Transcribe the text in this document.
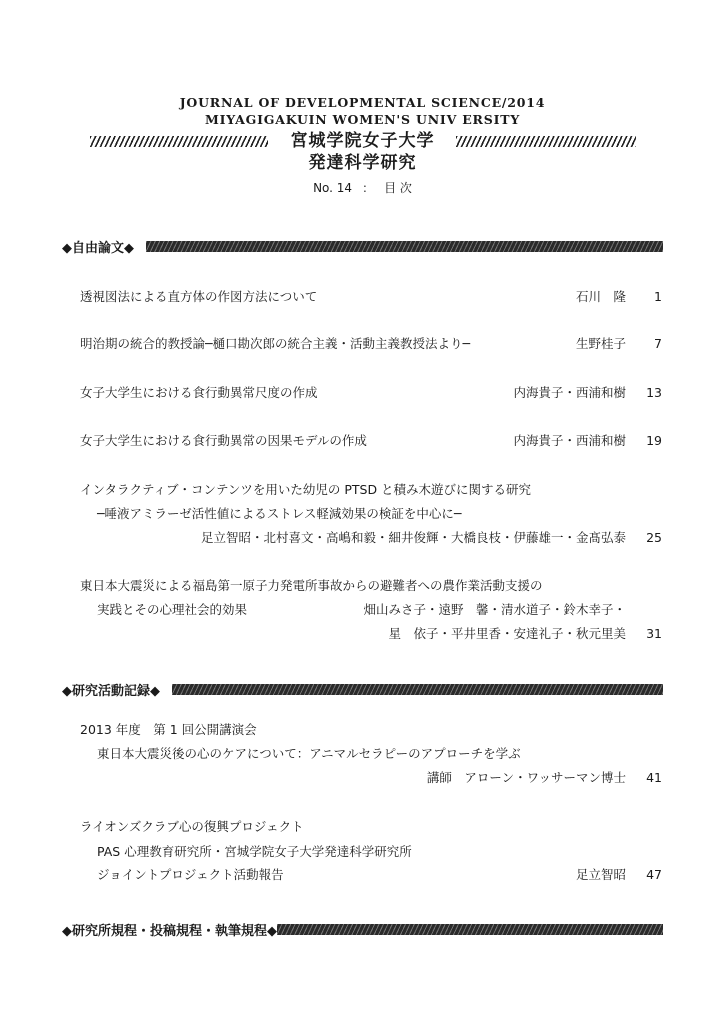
JOURNAL OF DEVELOPMENTAL SCIENCE/2014
MIYAGIGAKUIN WOMEN'S UNIV ERSITY
宮城学院女子大学
発達科学研究
No. 14 ： 目 次
◆自由論文◆
透視図法による直方体の作図方法について	石川　隆	1
明治期の統合的教授論─樋口勘次郎の統合主義・活動主義教授法より─	生野桂子	7
女子大学生における食行動異常尺度の作成	内海貴子・西浦和樹	13
女子大学生における食行動異常の因果モデルの作成	内海貴子・西浦和樹	19
インタラクティブ・コンテンツを用いた幼児の PTSD と積み木遊びに関する研究
─唾液アミラーゼ活性値によるストレス軽減効果の検証を中心に─
足立智昭・北村喜文・高嶋和毅・細井俊輝・大橋良枝・伊藤雄一・金髙弘泰	25
東日本大震災による福島第一原子力発電所事故からの避難者への農作業活動支援の
実践とその心理社会的効果	畑山みさ子・遠野　馨・清水道子・鈴木幸子・
星　依子・平井里香・安達礼子・秋元里美	31
◆研究活動記録◆
2013 年度　第 1 回公開講演会
東日本大震災後の心のケアについて：アニマルセラピーのアプローチを学ぶ
講師　アローン・ワッサーマン博士	41
ライオンズクラブ心の復興プロジェクト
PAS 心理教育研究所・宮城学院女子大学発達科学研究所
ジョイントプロジェクト活動報告	足立智昭	47
◆研究所規程・投稿規程・執筆規程◆
